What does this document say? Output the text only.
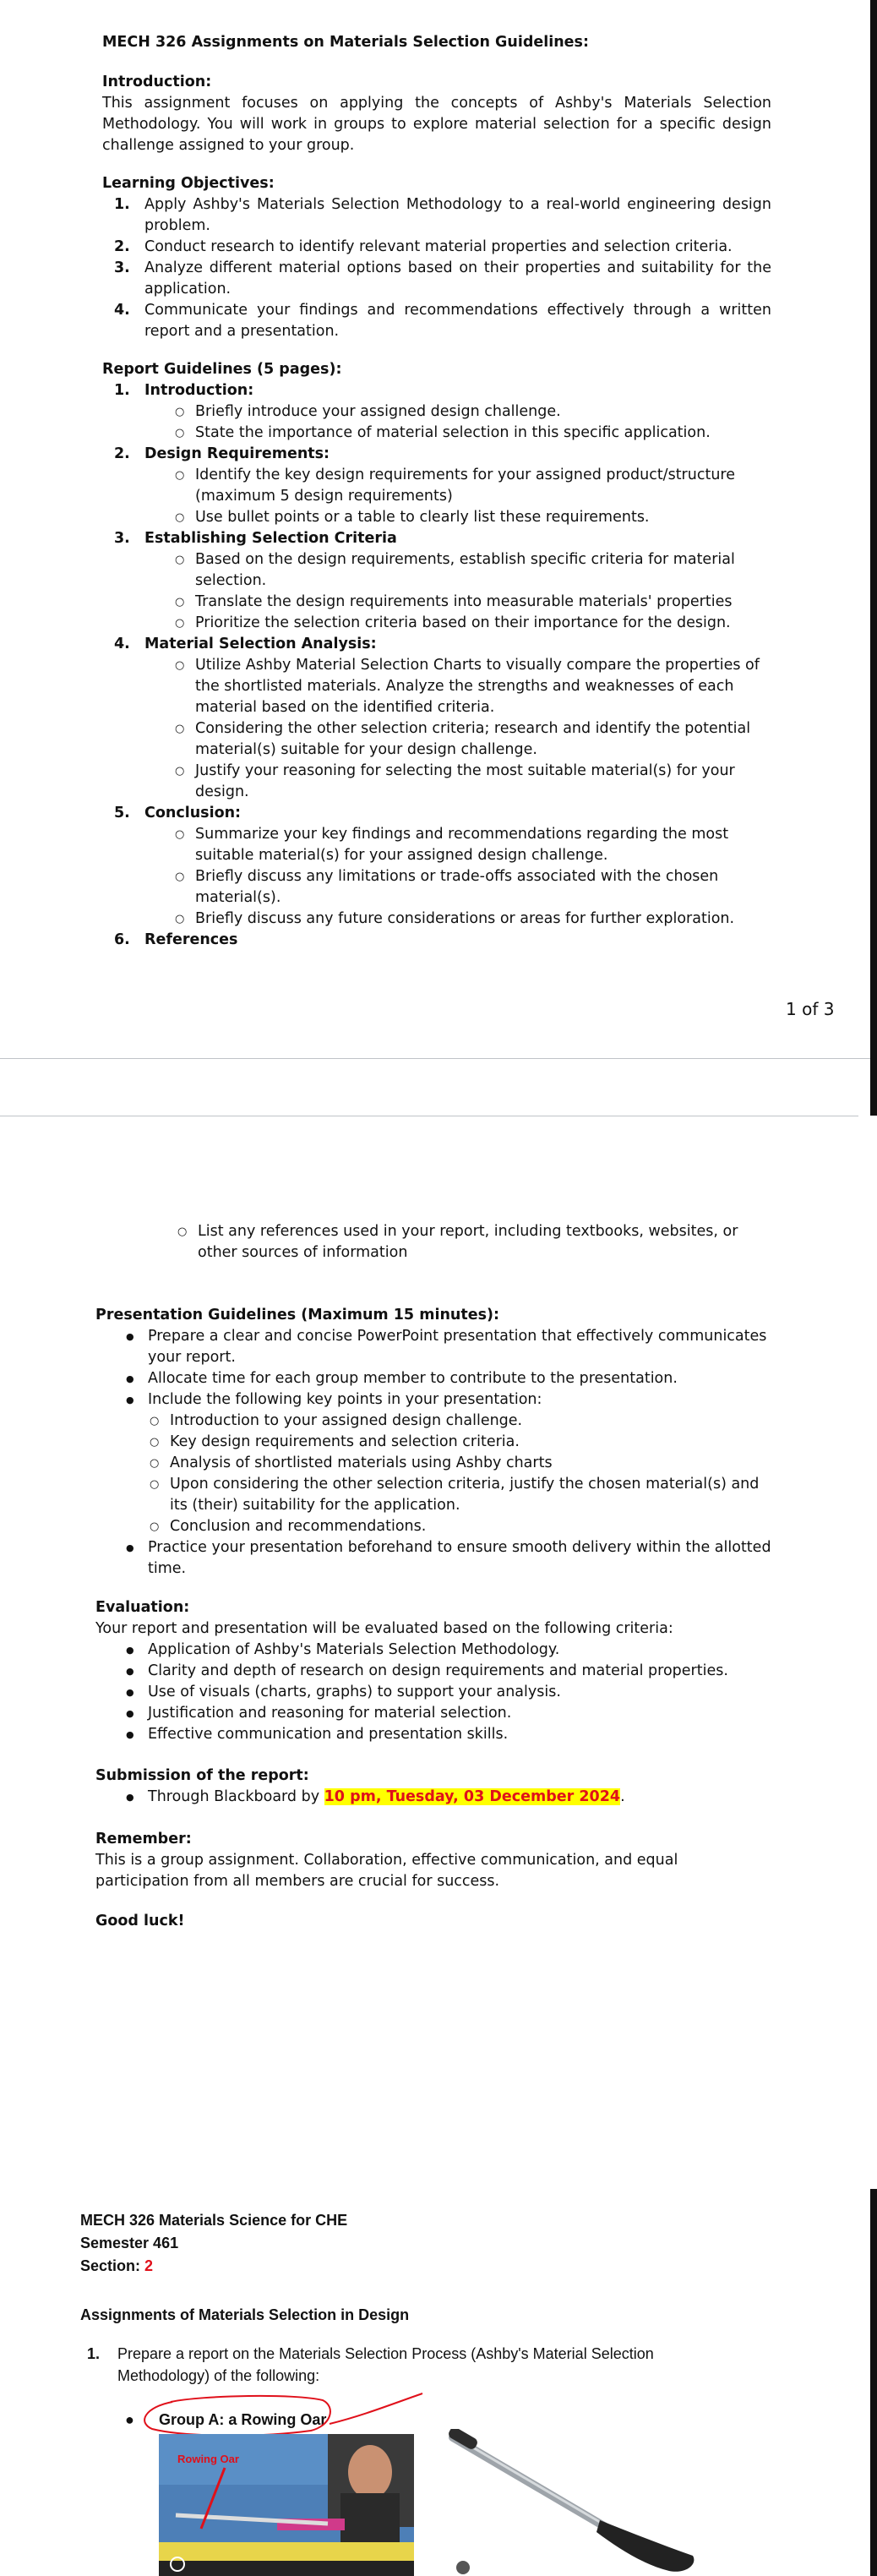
MECH 326 Assignments on Materials Selection Guidelines:
Introduction:
This assignment focuses on applying the concepts of Ashby's Materials Selection Methodology. You will work in groups to explore material selection for a specific design challenge assigned to your group.
Learning Objectives:
1. Apply Ashby's Materials Selection Methodology to a real-world engineering design problem.
2. Conduct research to identify relevant material properties and selection criteria.
3. Analyze different material options based on their properties and suitability for the application.
4. Communicate your findings and recommendations effectively through a written report and a presentation.
Report Guidelines (5 pages):
1. Introduction:
○ Briefly introduce your assigned design challenge.
○ State the importance of material selection in this specific application.
2. Design Requirements:
○ Identify the key design requirements for your assigned product/structure (maximum 5 design requirements)
○ Use bullet points or a table to clearly list these requirements.
3. Establishing Selection Criteria
○ Based on the design requirements, establish specific criteria for material selection.
○ Translate the design requirements into measurable materials' properties
○ Prioritize the selection criteria based on their importance for the design.
4. Material Selection Analysis:
○ Utilize Ashby Material Selection Charts to visually compare the properties of the shortlisted materials. Analyze the strengths and weaknesses of each material based on the identified criteria.
○ Considering the other selection criteria; research and identify the potential material(s) suitable for your design challenge.
○ Justify your reasoning for selecting the most suitable material(s) for your design.
5. Conclusion:
○ Summarize your key findings and recommendations regarding the most suitable material(s) for your assigned design challenge.
○ Briefly discuss any limitations or trade-offs associated with the chosen material(s).
○ Briefly discuss any future considerations or areas for further exploration.
6. References
1 of 3
○ List any references used in your report, including textbooks, websites, or other sources of information
Presentation Guidelines (Maximum 15 minutes):
● Prepare a clear and concise PowerPoint presentation that effectively communicates your report.
● Allocate time for each group member to contribute to the presentation.
● Include the following key points in your presentation:
○ Introduction to your assigned design challenge.
○ Key design requirements and selection criteria.
○ Analysis of shortlisted materials using Ashby charts
○ Upon considering the other selection criteria, justify the chosen material(s) and its (their) suitability for the application.
○ Conclusion and recommendations.
● Practice your presentation beforehand to ensure smooth delivery within the allotted time.
Evaluation:
Your report and presentation will be evaluated based on the following criteria:
● Application of Ashby's Materials Selection Methodology.
● Clarity and depth of research on design requirements and material properties.
● Use of visuals (charts, graphs) to support your analysis.
● Justification and reasoning for material selection.
● Effective communication and presentation skills.
Submission of the report:
● Through Blackboard by 10 pm, Tuesday, 03 December 2024.
Remember:
This is a group assignment. Collaboration, effective communication, and equal participation from all members are crucial for success.
Good luck!
MECH 326 Materials Science for CHE
Semester 461
Section: 2
Assignments of Materials Selection in Design
1.	Prepare a report on the Materials Selection Process (Ashby's Material Selection Methodology) of the following:
● Group A: a Rowing Oar
Rowing Oar
